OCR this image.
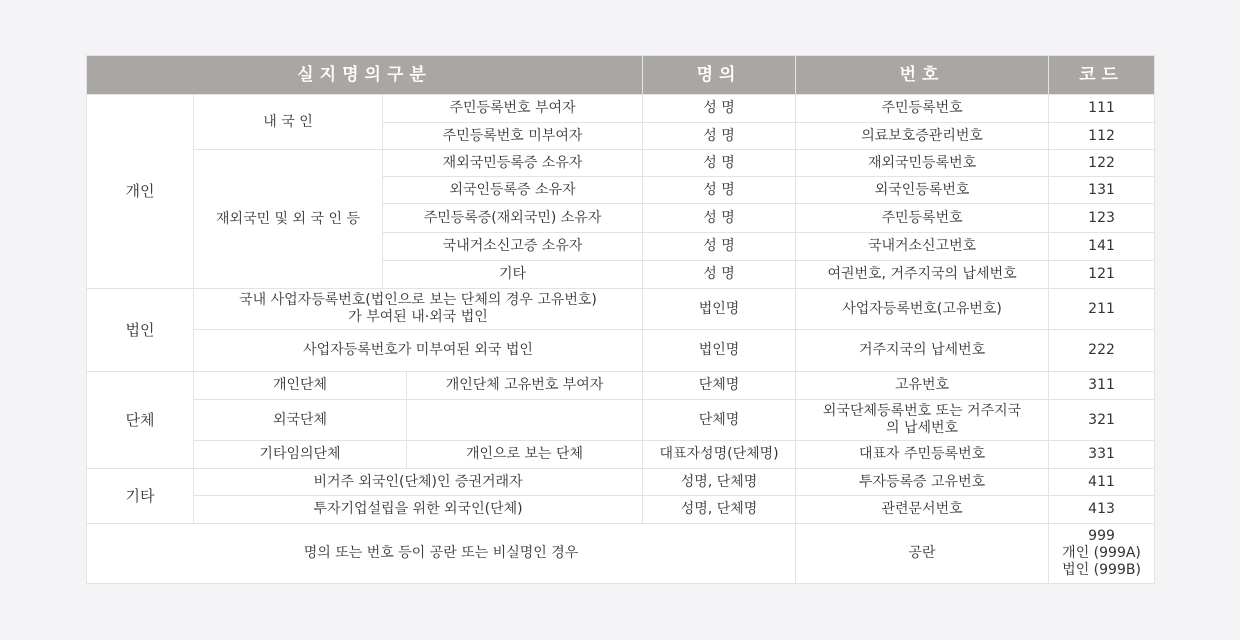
실지명의구분				명의	번호	코드
개인	내 국 인	주민등록번호 부여자		성 명	주민등록번호	111
		주민등록번호 미부여자		성 명	의료보호증관리번호	112
	재외국민 및 외 국 인 등	재외국민등록증 소유자		성 명	재외국민등록번호	122
		외국인등록증 소유자		성 명	외국인등록번호	131
		주민등록증(재외국민) 소유자		성 명	주민등록번호	123
		국내거소신고증 소유자		성 명	국내거소신고번호	141
		기타		성 명	여권번호, 거주지국의 납세번호	121
법인	국내 사업자등록번호(법인으로 보는 단체의 경우 고유번호)
가 부여된 내·외국 법인			법인명	사업자등록번호(고유번호)	211
	사업자등록번호가 미부여된 외국 법인			법인명	거주지국의 납세번호	222
단체	개인단체		개인단체 고유번호 부여자	단체명	고유번호	311
	외국단체			단체명	외국단체등록번호 또는 거주지국
의 납세번호	321
	기타임의단체		개인으로 보는 단체	대표자성명(단체명)	대표자 주민등록번호	331
기타	비거주 외국인(단체)인 증권거래자			성명, 단체명	투자등록증 고유번호	411
	투자기업설립을 위한 외국인(단체)			성명, 단체명	관련문서번호	413
명의 또는 번호 등이 공란 또는 비실명인 경우					공란	999
개인 (999A)
법인 (999B)
